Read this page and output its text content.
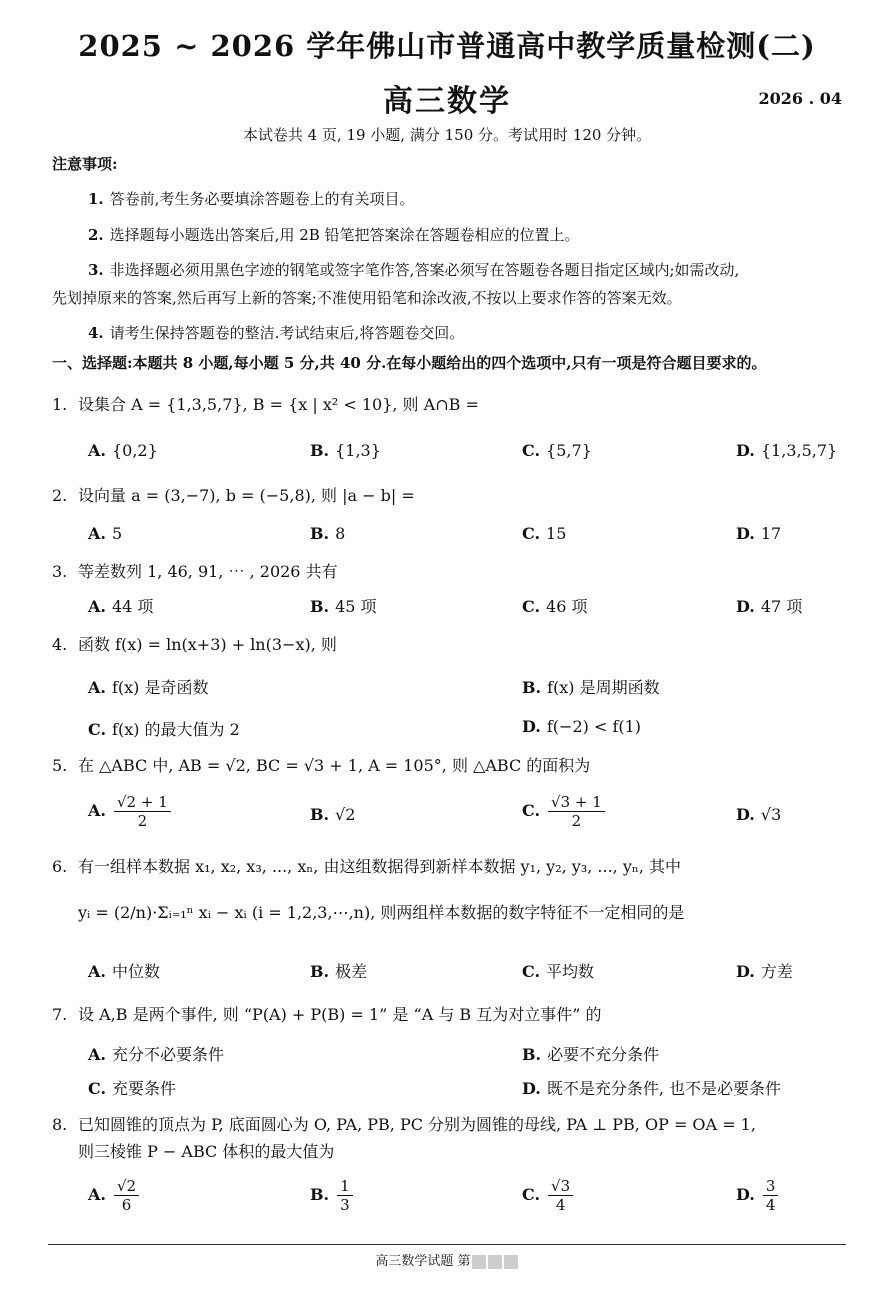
2025 ~ 2026 学年佛山市普通高中教学质量检测(二)
高三数学	2026 . 04
本试卷共 4 页, 19 小题, 满分 150 分。考试用时 120 分钟。
注意事项:
1. 答卷前,考生务必要填涂答题卷上的有关项目。
2. 选择题每小题选出答案后,用 2B 铅笔把答案涂在答题卷相应的位置上。
3. 非选择题必须用黑色字迹的钢笔或签字笔作答,答案必须写在答题卷各题目指定区域内;如需改动,
先划掉原来的答案,然后再写上新的答案;不准使用铅笔和涂改液,不按以上要求作答的答案无效。
4. 请考生保持答题卷的整洁.考试结束后,将答题卷交回。
一、选择题:本题共 8 小题,每小题 5 分,共 40 分.在每小题给出的四个选项中,只有一项是符合题目要求的。
1. 设集合 A = {1,3,5,7}, B = {x | x² < 10}, 则 A∩B =
A. {0,2}	B. {1,3}	C. {5,7}	D. {1,3,5,7}
2. 设向量 a = (3,−7), b = (−5,8), 则 |a − b| =
A. 5	B. 8	C. 15	D. 17
3. 等差数列 1, 46, 91, ⋯ , 2026 共有
A. 44 项	B. 45 项	C. 46 项	D. 47 项
4. 函数 f(x) = ln(x+3) + ln(3−x), 则
A. f(x) 是奇函数	B. f(x) 是周期函数
C. f(x) 的最大值为 2	D. f(−2) < f(1)
5. 在 △ABC 中, AB = √2, BC = √3 + 1, A = 105°, 则 △ABC 的面积为
A. $\frac{√2 + 1}{2}$	B. √2	C. $\frac{√3 + 1}{2}$	D. √3
6. 有一组样本数据 x₁, x₂, x₃, ..., xₙ, 由这组数据得到新样本数据 y₁, y₂, y₃, ..., yₙ, 其中
yᵢ = (2/n)·Σᵢ₌₁ⁿ xᵢ − xᵢ (i = 1,2,3,⋯,n), 则两组样本数据的数字特征不一定相同的是
A. 中位数	B. 极差	C. 平均数	D. 方差
7. 设 A,B 是两个事件, 则 “P(A) + P(B) = 1” 是 “A 与 B 互为对立事件” 的
A. 充分不必要条件	B. 必要不充分条件
C. 充要条件	D. 既不是充分条件, 也不是必要条件
8. 已知圆锥的顶点为 P, 底面圆心为 O, PA, PB, PC 分别为圆锥的母线, PA ⊥ PB, OP = OA = 1,
则三棱锥 P − ABC 体积的最大值为
A. $\frac{√2}{6}$	B. $\frac{1}{3}$	C. $\frac{√3}{4}$	D. $\frac{3}{4}$
高三数学试题 第
